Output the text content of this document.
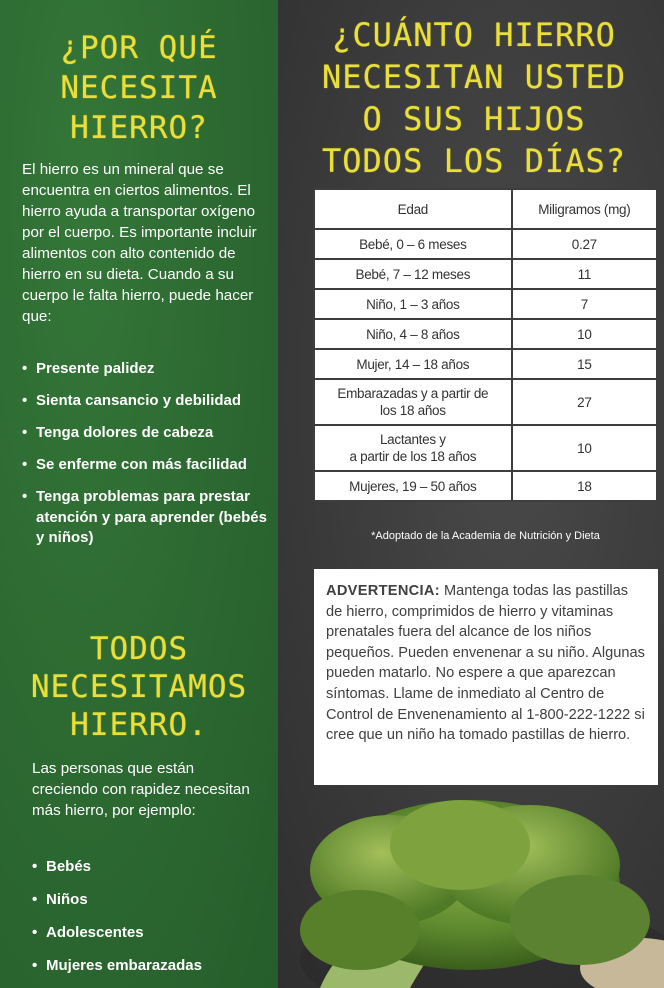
¿POR QUÉ
NECESITA
HIERRO?

El hierro es un mineral que se encuentra en ciertos alimentos. El hierro ayuda a transportar oxígeno por el cuerpo. Es importante incluir alimentos con alto contenido de hierro en su dieta. Cuando a su cuerpo le falta hierro, puede hacer que:

• Presente palidez
• Sienta cansancio y debilidad
• Tenga dolores de cabeza
• Se enferme con más facilidad
• Tenga problemas para prestar atención y para aprender (bebés y niños)
TODOS
NECESITAMOS
HIERRO.

Las personas que están creciendo con rapidez necesitan más hierro, por ejemplo:

• Bebés
• Niños
• Adolescentes
• Mujeres embarazadas
¿CUÁNTO HIERRO
NECESITAN USTED
O SUS HIJOS
TODOS LOS DÍAS?
Edad	Miligramos (mg)
Bebé, 0 – 6 meses	0.27
Bebé, 7 – 12 meses	11
Niño, 1 – 3 años	7
Niño, 4 – 8 años	10
Mujer, 14 – 18 años	15

Embarazadas y a partir de
los 18 años	27

Lactantes y
a partir de los 18 años	10
Mujeres, 19 – 50 años	18
*Adoptado de la Academia de Nutrición y Dieta
ADVERTENCIA: Mantenga todas las pastillas de hierro, comprimidos de hierro y vitaminas prenatales fuera del alcance de los niños pequeños. Pueden envenenar a su niño. Algunas pueden matarlo. No espere a que aparezcan síntomas. Llame de inmediato al Centro de Control de Envenenamiento al 1-800-222-1222 si cree que un niño ha tomado pastillas de hierro.
